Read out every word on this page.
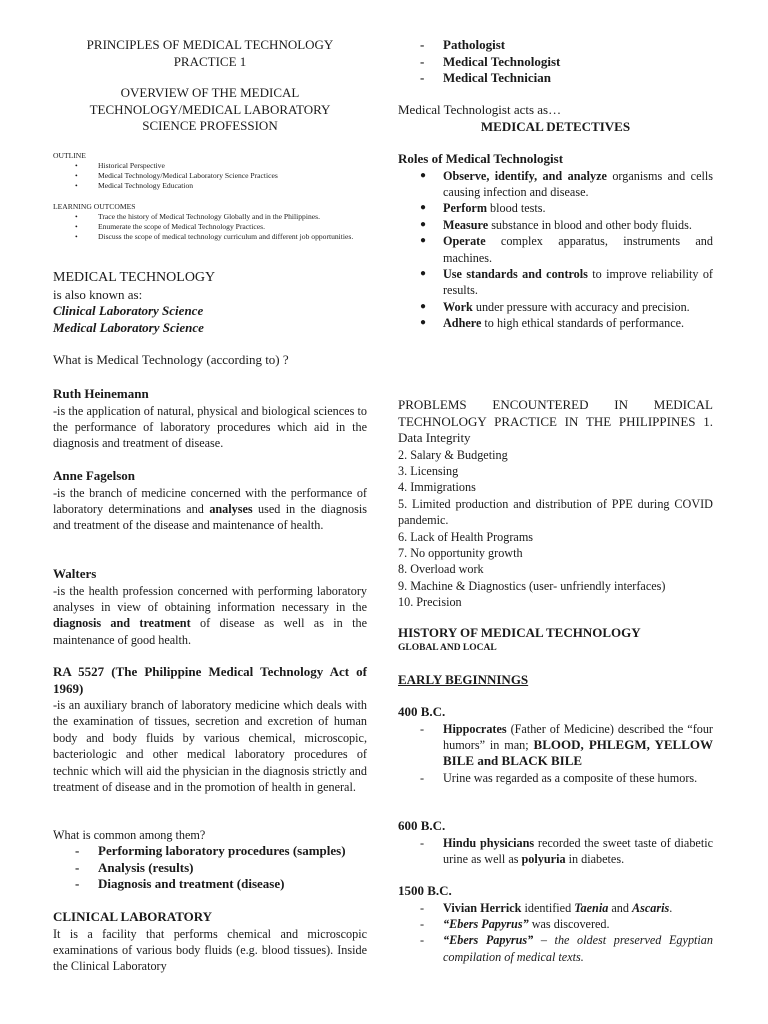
PRINCIPLES OF MEDICAL TECHNOLOGY

PRACTICE 1

OVERVIEW OF THE MEDICAL

TECHNOLOGY/MEDICAL LABORATORY

SCIENCE PROFESSION

OUTLINE

• Historical Perspective
• Medical Technology/Medical Laboratory Science Practices
• Medical Technology Education

LEARNING OUTCOMES

• Trace the history of Medical Technology Globally and in the Philippines.
• Enumerate the scope of Medical Technology Practices.
• Discuss the scope of medical technology curriculum and different job opportunities.

MEDICAL TECHNOLOGY

is also known as:

Clinical Laboratory Science

Medical Laboratory Science

What is Medical Technology (according to) ?

Ruth Heinemann

-is the application of natural, physical and biological sciences to the performance of laboratory procedures which aid in the diagnosis and treatment of disease.

Anne Fagelson

-is the branch of medicine concerned with the performance of laboratory determinations and analyses used in the diagnosis and treatment of the disease and maintenance of health.

Walters

-is the health profession concerned with performing laboratory analyses in view of obtaining information necessary in the diagnosis and treatment of disease as well as in the maintenance of good health.

RA 5527 (The Philippine Medical Technology Act of 1969)

-is an auxiliary branch of laboratory medicine which deals with the examination of tissues, secretion and excretion of human body and body fluids by various chemical, microscopic, bacteriologic and other medical laboratory procedures of technic which will aid the physician in the diagnosis strictly and treatment of disease and in the promotion of health in general.

What is common among them?

- Performing laboratory procedures (samples)
- Analysis (results)
- Diagnosis and treatment (disease)

CLINICAL LABORATORY

It is a facility that performs chemical and microscopic examinations of various body fluids (e.g. blood tissues). Inside the Clinical Laboratory

- Pathologist
- Medical Technologist
- Medical Technician

Medical Technologist acts as…

MEDICAL DETECTIVES

Roles of Medical Technologist

● Observe, identify, and analyze organisms and cells causing infection and disease.
● Perform blood tests.
● Measure substance in blood and other body fluids.
● Operate complex apparatus, instruments and machines.
● Use standards and controls to improve reliability of results.
● Work under pressure with accuracy and precision.
● Adhere to high ethical standards of performance.

PROBLEMS ENCOUNTERED IN MEDICAL TECHNOLOGY PRACTICE IN THE PHILIPPINES 1. Data Integrity

2. Salary & Budgeting

3. Licensing

4. Immigrations

5. Limited production and distribution of PPE during COVID pandemic.

6. Lack of Health Programs

7. No opportunity growth

8. Overload work

9. Machine & Diagnostics (user- unfriendly interfaces)

10. Precision

HISTORY OF MEDICAL TECHNOLOGY

GLOBAL AND LOCAL

EARLY BEGINNINGS

400 B.C.

- Hippocrates (Father of Medicine) described the “four humors” in man; BLOOD, PHLEGM, YELLOW BILE and BLACK BILE
- Urine was regarded as a composite of these humors.

600 B.C.

- Hindu physicians recorded the sweet taste of diabetic urine as well as polyuria in diabetes.

1500 B.C.

- Vivian Herrick identified Taenia and Ascaris.
- “Ebers Papyrus” was discovered.
- “Ebers Papyrus” – the oldest preserved Egyptian compilation of medical texts.
